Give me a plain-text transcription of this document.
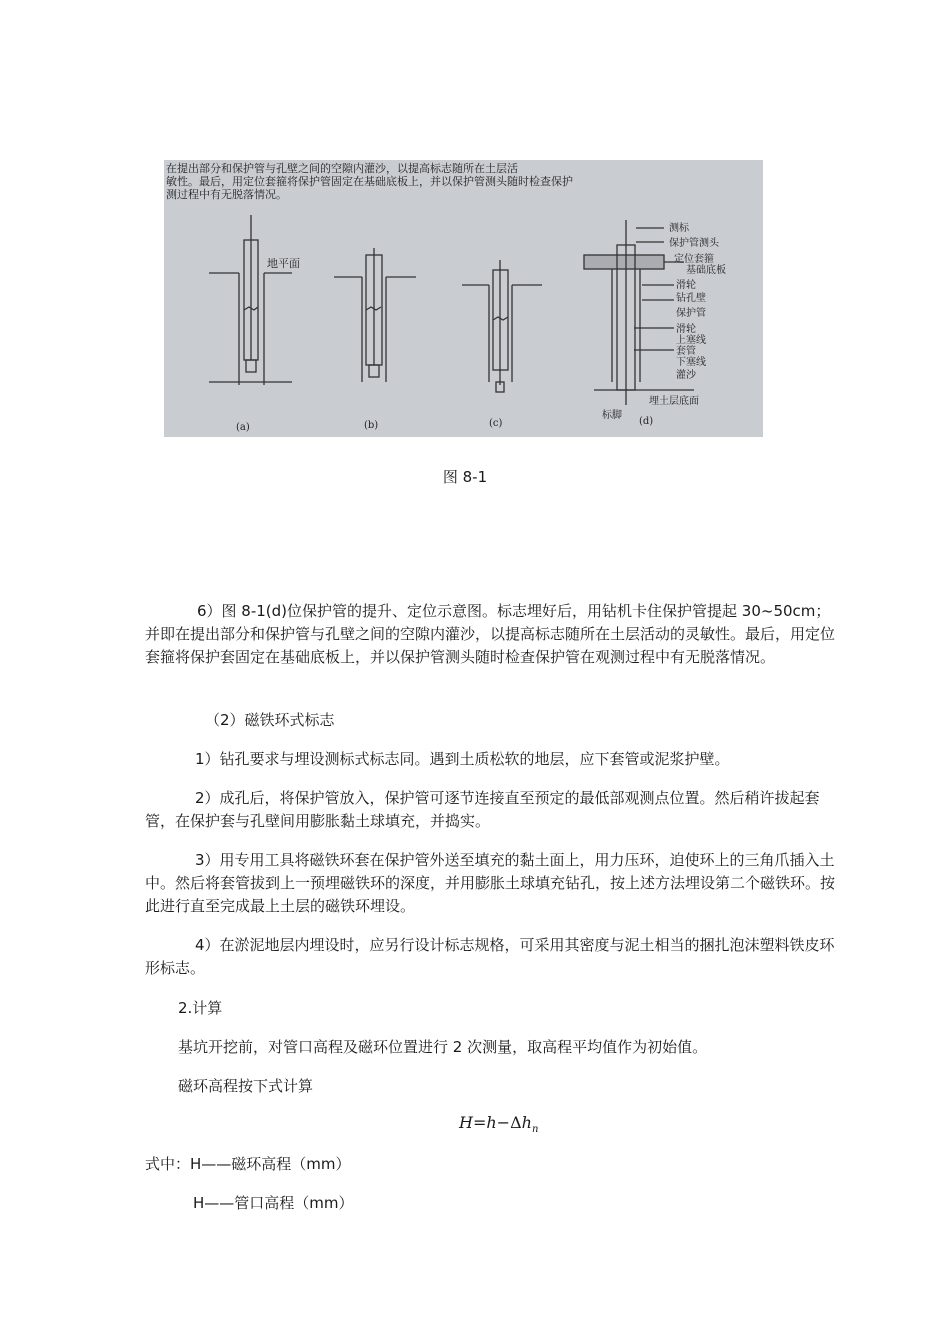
在提出部分和保护管与孔壁之间的空隙内灌沙，以提高标志随所在土层活
敏性。最后，用定位套箍将保护管固定在基础底板上，并以保护管测头随时检查保护
测过程中有无脱落情况。
地平面
测标
保护管测头
定位套箍
基础底板
滑轮
钻孔壁
保护管
滑轮
上塞线
套管
下塞线
灌沙
标脚
埋土层底面
(a)	(b)	(c)	(d)
图 8-1

6）图 8-1(d)位保护管的提升、定位示意图。标志埋好后，用钻机卡住保护管提起 30~50cm；并即在提出部分和保护管与孔壁之间的空隙内灌沙，以提高标志随所在土层活动的灵敏性。最后，用定位套箍将保护套固定在基础底板上，并以保护管测头随时检查保护管在观测过程中有无脱落情况。

（2）磁铁环式标志

1）钻孔要求与埋设测标式标志同。遇到土质松软的地层，应下套管或泥浆护壁。

2）成孔后，将保护管放入，保护管可逐节连接直至预定的最低部观测点位置。然后稍许拔起套管，在保护套与孔壁间用膨胀黏土球填充，并捣实。

3）用专用工具将磁铁环套在保护管外送至填充的黏土面上，用力压环，迫使环上的三角爪插入土中。然后将套管拔到上一预埋磁铁环的深度，并用膨胀土球填充钻孔，按上述方法埋设第二个磁铁环。按此进行直至完成最上土层的磁铁环埋设。

4）在淤泥地层内埋设时，应另行设计标志规格，可采用其密度与泥土相当的捆扎泡沫塑料铁皮环形标志。

2.计算

基坑开挖前，对管口高程及磁环位置进行 2 次测量，取高程平均值作为初始值。

磁环高程按下式计算

$H=h-\Delta h_n$

式中：H——磁环高程（mm）

H——管口高程（mm）
